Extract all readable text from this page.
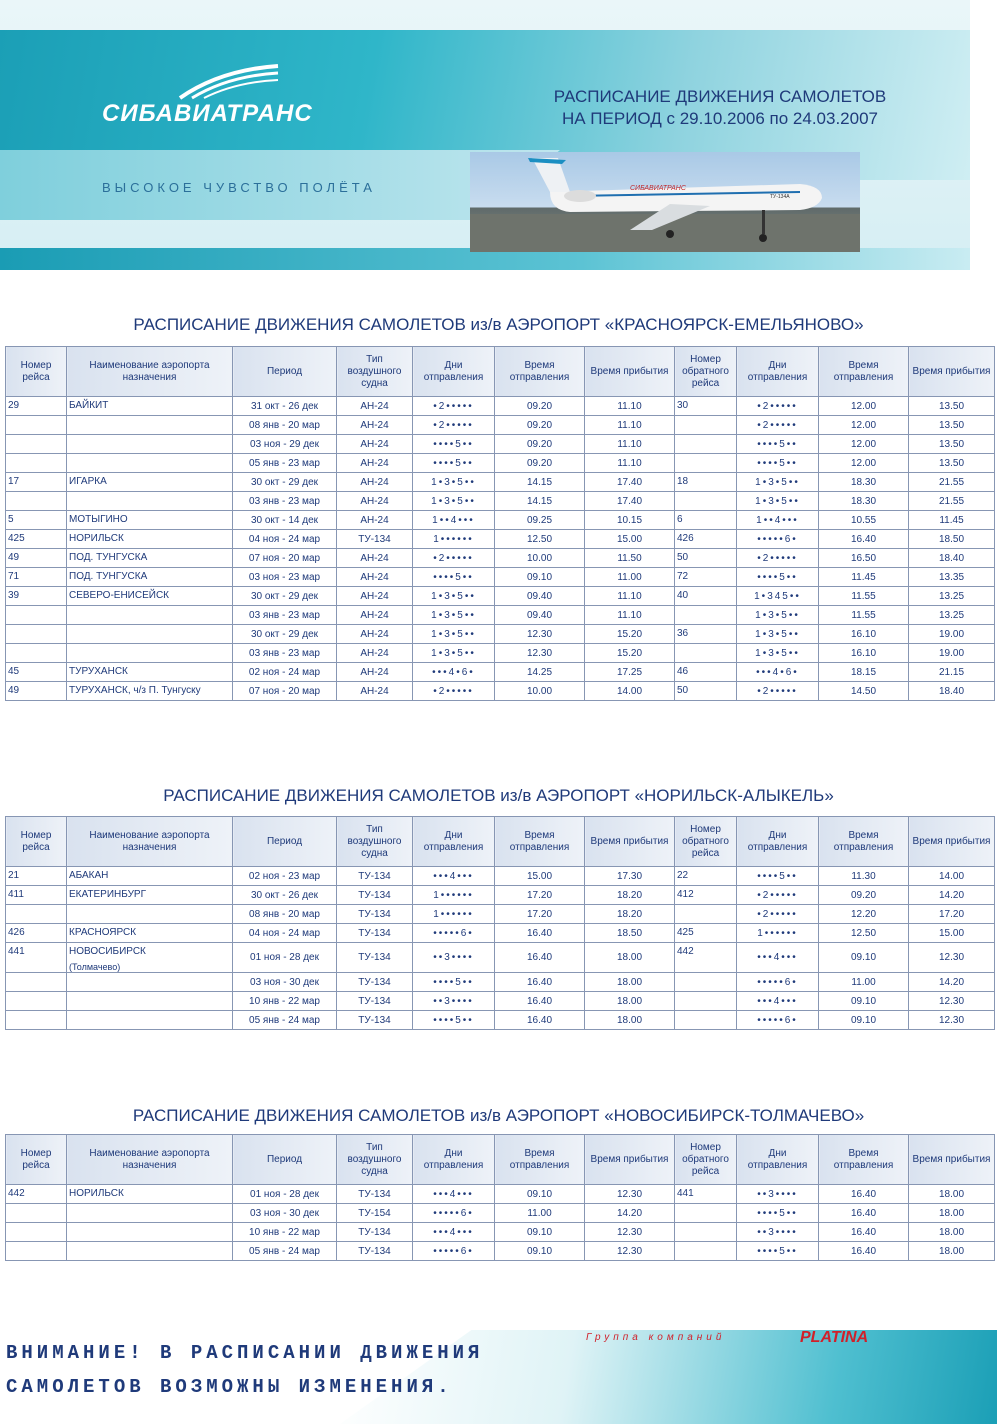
СИБАВИАТРАНС
ВЫСОКОЕ ЧУВСТВО ПОЛЁТА
РАСПИСАНИЕ ДВИЖЕНИЯ САМОЛЕТОВ
НА ПЕРИОД с 29.10.2006 по 24.03.2007
СИБАВИАТРАНС
ТУ-134А
РАСПИСАНИЕ ДВИЖЕНИЯ САМОЛЕТОВ из/в АЭРОПОРТ «КРАСНОЯРСК-ЕМЕЛЬЯНОВО»
Номер рейса	Наименование аэропорта назначения	Период	Тип воздушного судна	Дни отправления	Время отправления	Время прибытия	Номер обратного рейса	Дни отправления	Время отправления	Время прибытия
29	БАЙКИТ	31 окт - 26 дек	АН-24	•2•••••	09.20	11.10	30	•2•••••	12.00	13.50
		08 янв - 20 мар	АН-24	•2•••••	09.20	11.10		•2•••••	12.00	13.50
		03 ноя - 29 дек	АН-24	••••5••	09.20	11.10		••••5••	12.00	13.50
		05 янв - 23 мар	АН-24	••••5••	09.20	11.10		••••5••	12.00	13.50
17	ИГАРКА	30 окт - 29 дек	АН-24	1•3•5••	14.15	17.40	18	1•3•5••	18.30	21.55
		03 янв - 23 мар	АН-24	1•3•5••	14.15	17.40		1•3•5••	18.30	21.55
5	МОТЫГИНО	30 окт - 14 дек	АН-24	1••4•••	09.25	10.15	6	1••4•••	10.55	11.45
425	НОРИЛЬСК	04 ноя - 24 мар	ТУ-134	1••••••	12.50	15.00	426	•••••6•	16.40	18.50
49	ПОД. ТУНГУСКА	07 ноя - 20 мар	АН-24	•2•••••	10.00	11.50	50	•2•••••	16.50	18.40
71	ПОД. ТУНГУСКА	03 ноя - 23 мар	АН-24	••••5••	09.10	11.00	72	••••5••	11.45	13.35
39	СЕВЕРО-ЕНИСЕЙСК	30 окт - 29 дек	АН-24	1•3•5••	09.40	11.10	40	1•345••	11.55	13.25
		03 янв - 23 мар	АН-24	1•3•5••	09.40	11.10		1•3•5••	11.55	13.25
		30 окт - 29 дек	АН-24	1•3•5••	12.30	15.20	36	1•3•5••	16.10	19.00
		03 янв - 23 мар	АН-24	1•3•5••	12.30	15.20		1•3•5••	16.10	19.00
45	ТУРУХАНСК	02 ноя - 24 мар	АН-24	•••4•6•	14.25	17.25	46	•••4•6•	18.15	21.15
49	ТУРУХАНСК, ч/з П. Тунгуску	07 ноя - 20 мар	АН-24	•2•••••	10.00	14.00	50	•2•••••	14.50	18.40
РАСПИСАНИЕ ДВИЖЕНИЯ САМОЛЕТОВ из/в АЭРОПОРТ «НОРИЛЬСК-АЛЫКЕЛЬ»
Номер рейса	Наименование аэропорта назначения	Период	Тип воздушного судна	Дни отправления	Время отправления	Время прибытия	Номер обратного рейса	Дни отправления	Время отправления	Время прибытия
21	АБАКАН	02 ноя - 23 мар	ТУ-134	•••4•••	15.00	17.30	22	••••5••	11.30	14.00
411	ЕКАТЕРИНБУРГ	30 окт - 26 дек	ТУ-134	1••••••	17.20	18.20	412	•2•••••	09.20	14.20
		08 янв - 20 мар	ТУ-134	1••••••	17.20	18.20		•2•••••	12.20	17.20
426	КРАСНОЯРСК	04 ноя - 24 мар	ТУ-134	•••••6•	16.40	18.50	425	1••••••	12.50	15.00
441	НОВОСИБИРСК
(Толмачево)	01 ноя - 28 дек	ТУ-134	••3••••	16.40	18.00	442	•••4•••	09.10	12.30
		03 ноя - 30 дек	ТУ-134	••••5••	16.40	18.00		•••••6•	11.00	14.20
		10 янв - 22 мар	ТУ-134	••3••••	16.40	18.00		•••4•••	09.10	12.30
		05 янв - 24 мар	ТУ-134	••••5••	16.40	18.00		•••••6•	09.10	12.30
РАСПИСАНИЕ ДВИЖЕНИЯ САМОЛЕТОВ из/в АЭРОПОРТ «НОВОСИБИРСК-ТОЛМАЧЕВО»
Номер рейса	Наименование аэропорта назначения	Период	Тип воздушного судна	Дни отправления	Время отправления	Время прибытия	Номер обратного рейса	Дни отправления	Время отправления	Время прибытия
442	НОРИЛЬСК	01 ноя - 28 дек	ТУ-134	•••4•••	09.10	12.30	441	••3••••	16.40	18.00
		03 ноя - 30 дек	ТУ-154	•••••6•	11.00	14.20		••••5••	16.40	18.00
		10 янв - 22 мар	ТУ-134	•••4•••	09.10	12.30		••3••••	16.40	18.00
		05 янв - 24 мар	ТУ-134	•••••6•	09.10	12.30		••••5••	16.40	18.00
ВНИМАНИЕ! В РАСПИСАНИИ ДВИЖЕНИЯ
САМОЛЕТОВ ВОЗМОЖНЫ ИЗМЕНЕНИЯ.
Группа компаний	PLATINA
